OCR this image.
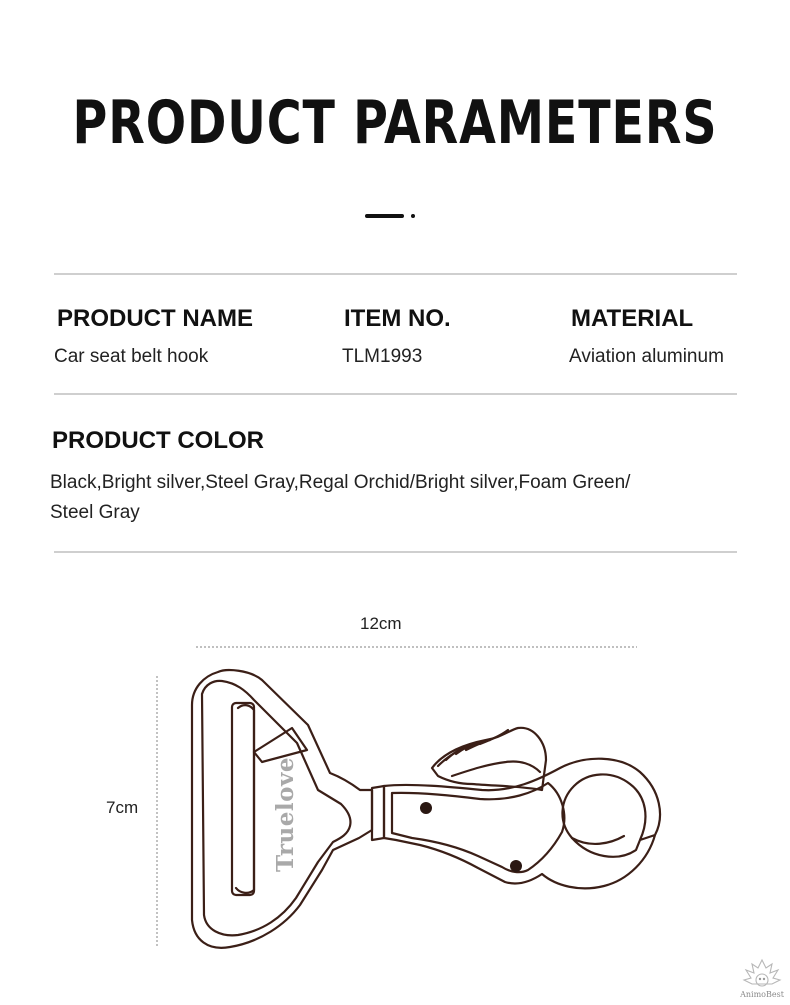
PRODUCT PARAMETERS
PRODUCT NAME	ITEM NO.	MATERIAL
Car seat belt hook	TLM1993	Aviation aluminum
PRODUCT COLOR
Black,Bright silver,Steel Gray,Regal Orchid/Bright silver,Foam Green/
Steel Gray
12cm
7cm	Truelove
AnimoBest
